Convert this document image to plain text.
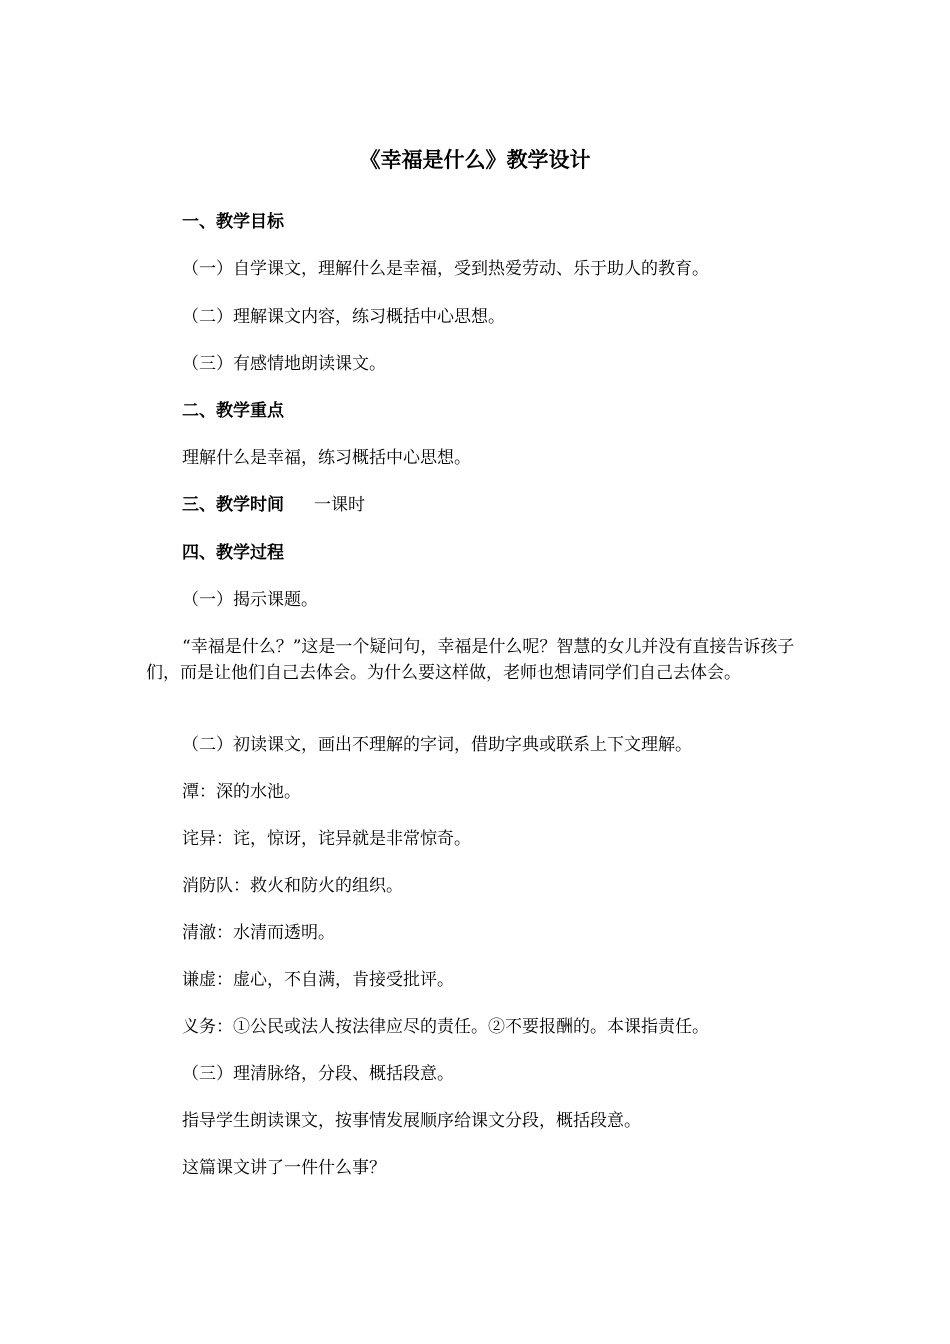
《幸福是什么》教学设计
一、教学目标
（一）自学课文，理解什么是幸福，受到热爱劳动、乐于助人的教育。
（二）理解课文内容，练习概括中心思想。
（三）有感情地朗读课文。
二、教学重点
理解什么是幸福，练习概括中心思想。
三、教学时间 一课时
四、教学过程
（一）揭示课题。
“幸福是什么？”这是一个疑问句，幸福是什么呢？智慧的女儿并没有直接告诉孩子们，而是让他们自己去体会。为什么要这样做，老师也想请同学们自己去体会。
（二）初读课文，画出不理解的字词，借助字典或联系上下文理解。
潭：深的水池。
诧异：诧，惊讶，诧异就是非常惊奇。
消防队：救火和防火的组织。
清澈：水清而透明。
谦虚：虚心，不自满，肯接受批评。
义务：①公民或法人按法律应尽的责任。②不要报酬的。本课指责任。
（三）理清脉络，分段、概括段意。
指导学生朗读课文，按事情发展顺序给课文分段，概括段意。
这篇课文讲了一件什么事？
